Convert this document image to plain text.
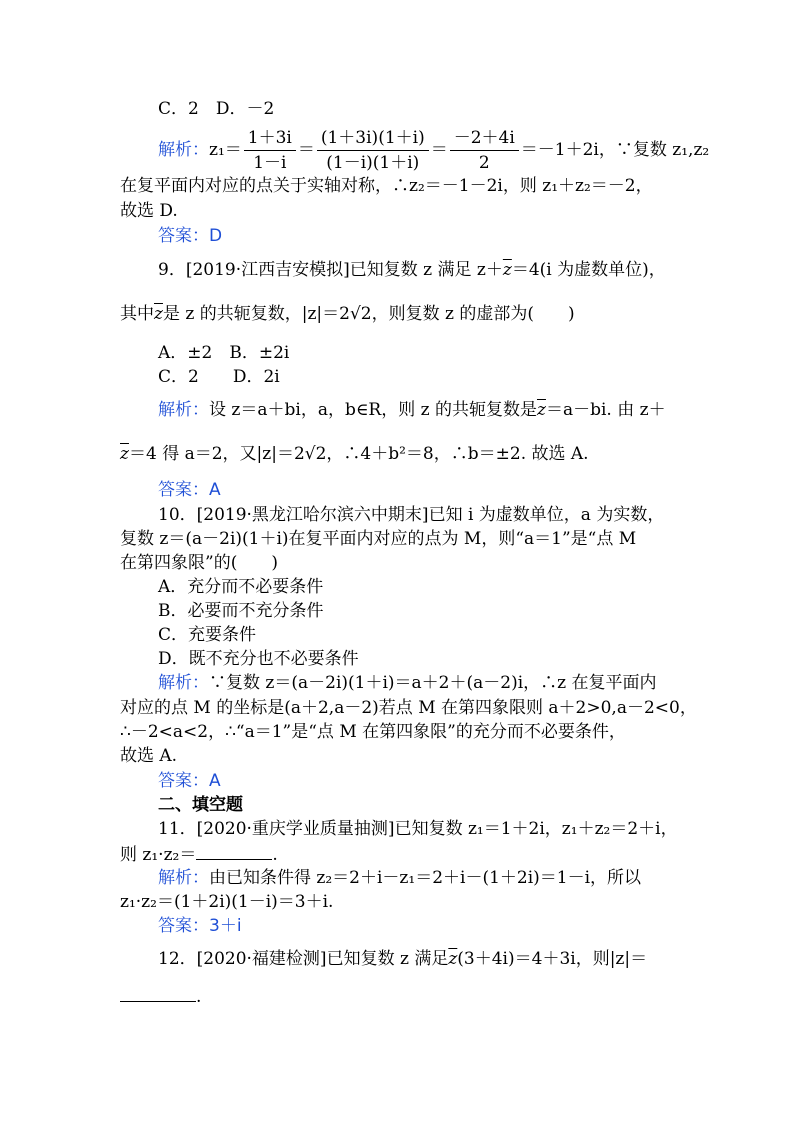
C．2　D．－2
解析：$z_1= \frac{1+3i}{1-i} = \frac{(1+3i)(1+i)}{(1-i)(1+i)} = \frac{-2+4i}{2} =-1+2i$，∵复数 z₁,z₂
在复平面内对应的点关于实轴对称，∴z₂＝－1－2i，则 z₁＋z₂＝－2，
故选 D.
答案：D
9．[2019·江西吉安模拟]已知复数 z 满足 $z+\overline{z}=4(i$ 为虚数单位)，
其中$\overline{z}$是 z 的共轭复数，|z|＝2√2，则复数 z 的虚部为(　　)
A．±2　B．±2i
C．2　　D．2i
解析：设 z＝a＋bi，a，b∈R，则 z 的共轭复数是$\overline{z}=a-bi$. 由 z＋
$\overline{z}=4$ 得 a＝2，又|z|＝2√2，∴4＋b²＝8，∴b＝±2. 故选 A.
答案：A
10．[2019·黑龙江哈尔滨六中期末]已知 i 为虚数单位，a 为实数，
复数 z＝(a－2i)(1＋i)在复平面内对应的点为 M，则“a＝1”是“点 M
在第四象限”的(　　)
A．充分而不必要条件
B．必要而不充分条件
C．充要条件
D．既不充分也不必要条件
解析：∵复数 z＝(a－2i)(1＋i)＝a＋2＋(a－2)i，∴z 在复平面内
对应的点 M 的坐标是(a＋2,a－2)若点 M 在第四象限则 a＋2>0,a－2<0，
∴－2<a<2，∴“a＝1”是“点 M 在第四象限”的充分而不必要条件，
故选 A.
答案：A
二、填空题
11．[2020·重庆学业质量抽测]已知复数 z₁＝1＋2i，z₁＋z₂＝2＋i，
则 z₁·z₂＝	.
解析：由已知条件得 z₂＝2＋i－z₁＝2＋i－(1＋2i)＝1－i，所以
z₁·z₂＝(1＋2i)(1－i)＝3＋i.
答案：3＋i
12．[2020·福建检测]已知复数 z 满足$\overline{z}(3+4i)=4+3i$，则|z|＝
.
